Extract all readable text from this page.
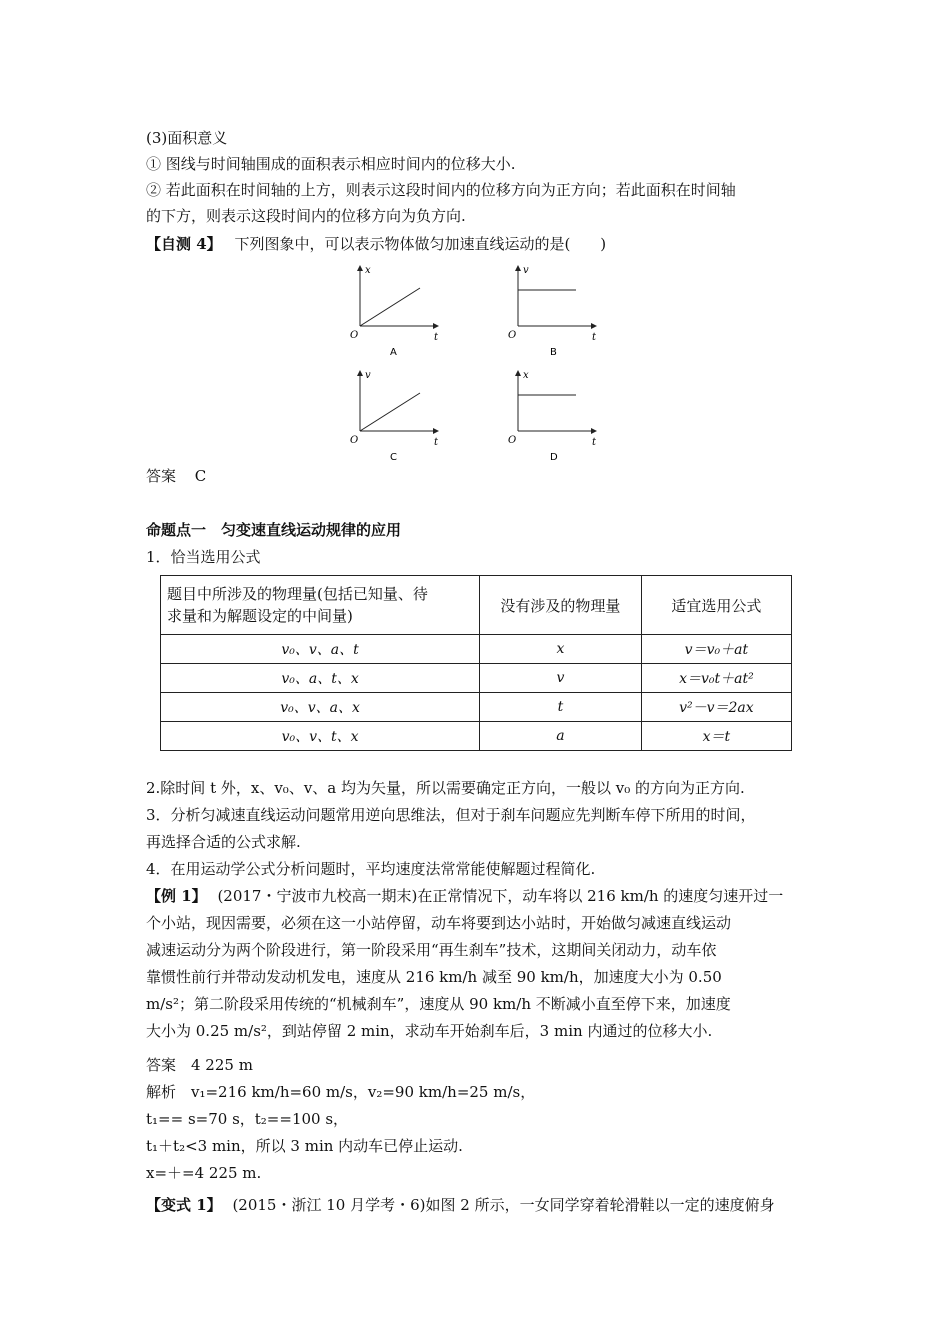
(3)面积意义
① 图线与时间轴围成的面积表示相应时间内的位移大小.
② 若此面积在时间轴的上方，则表示这段时间内的位移方向为正方向；若此面积在时间轴
的下方，则表示这段时间内的位移方向为负方向.
【自测 4】 下列图象中，可以表示物体做匀加速直线运动的是(　　)
x
t
O
A
v
t
O
B
v
t
O
C
x
t
O
D
答案 C
命题点一　匀变速直线运动规律的应用
1．恰当选用公式
题目中所涉及的物理量(包括已知量、待
求量和为解题设定的中间量)	没有涉及的物理量	适宜选用公式
v₀、v、a、t	x	v＝v₀＋at
v₀、a、t、x	v	x＝v₀t＋at²
v₀、v、a、x	t	v²－v＝2ax
v₀、v、t、x	a	x＝t
2.除时间 t 外，x、v₀、v、a 均为矢量，所以需要确定正方向，一般以 v₀ 的方向为正方向.
3．分析匀减速直线运动问题常用逆向思维法，但对于刹车问题应先判断车停下所用的时间，
再选择合适的公式求解.
4．在用运动学公式分析问题时，平均速度法常常能使解题过程简化.
【例 1】 (2017・宁波市九校高一期末)在正常情况下，动车将以 216 km/h 的速度匀速开过一
个小站，现因需要，必须在这一小站停留，动车将要到达小站时，开始做匀减速直线运动
减速运动分为两个阶段进行，第一阶段采用“再生刹车”技术，这期间关闭动力，动车依
靠惯性前行并带动发动机发电，速度从 216 km/h 减至 90 km/h，加速度大小为 0.50
m/s²；第二阶段采用传统的“机械刹车”，速度从 90 km/h 不断减小直至停下来，加速度
大小为 0.25 m/s²，到站停留 2 min，求动车开始刹车后，3 min 内通过的位移大小.
答案　4 225 m
解析　v₁=216 km/h=60 m/s，v₂=90 km/h=25 m/s，
t₁== s=70 s，t₂==100 s，
t₁＋t₂<3 min，所以 3 min 内动车已停止运动.
x=＋=4 225 m.
【变式 1】 (2015・浙江 10 月学考・6)如图 2 所示，一女同学穿着轮滑鞋以一定的速度俯身
